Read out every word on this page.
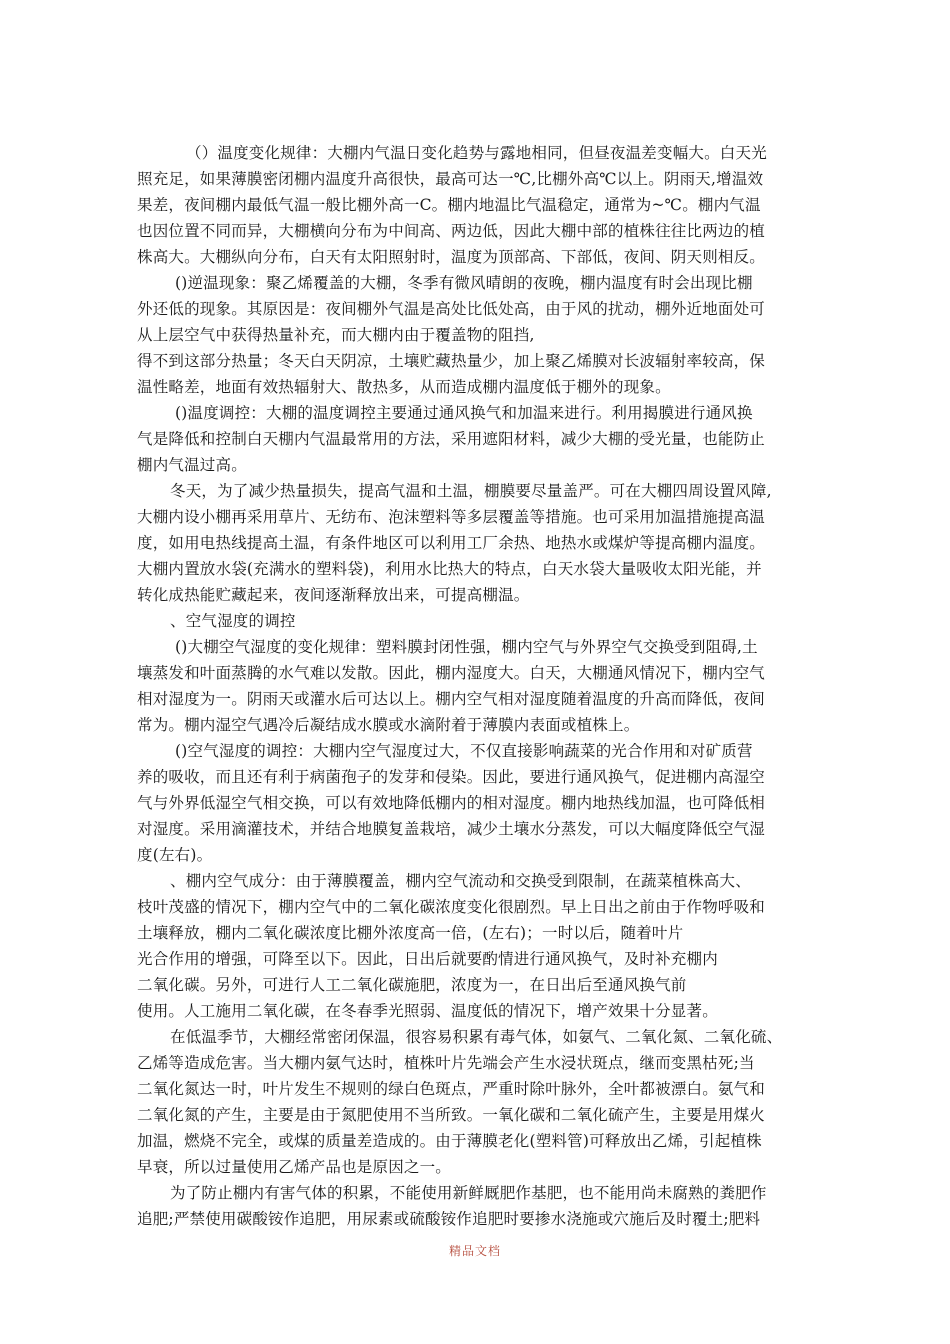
（）温度变化规律：大棚内气温日变化趋势与露地相同，但昼夜温差变幅大。白天光
照充足，如果薄膜密闭棚内温度升高很快，最高可达一℃,比棚外高℃以上。阴雨天,增温效
果差，夜间棚内最低气温一般比棚外高一C。棚内地温比气温稳定，通常为~℃。棚内气温
也因位置不同而异，大棚横向分布为中间高、两边低，因此大棚中部的植株往往比两边的植
株高大。大棚纵向分布，白天有太阳照射时，温度为顶部高、下部低，夜间、阴天则相反。
()逆温现象：聚乙烯覆盖的大棚，冬季有微风晴朗的夜晚，棚内温度有时会出现比棚
外还低的现象。其原因是：夜间棚外气温是高处比低处高，由于风的扰动，棚外近地面处可
从上层空气中获得热量补充，而大棚内由于覆盖物的阻挡,
得不到这部分热量；冬天白天阴凉，土壤贮藏热量少，加上聚乙烯膜对长波辐射率较高，保
温性略差，地面有效热辐射大、散热多，从而造成棚内温度低于棚外的现象。
()温度调控：大棚的温度调控主要通过通风换气和加温来进行。利用揭膜进行通风换
气是降低和控制白天棚内气温最常用的方法，采用遮阳材料，减少大棚的受光量，也能防止
棚内气温过高。
冬天，为了减少热量损失，提高气温和土温，棚膜要尽量盖严。可在大棚四周设置风障,
大棚内设小棚再采用草片、无纺布、泡沫塑料等多层覆盖等措施。也可采用加温措施提高温
度，如用电热线提高土温，有条件地区可以利用工厂余热、地热水或煤炉等提高棚内温度。
大棚内置放水袋(充满水的塑料袋)，利用水比热大的特点，白天水袋大量吸收太阳光能，并
转化成热能贮藏起来，夜间逐渐释放出来，可提高棚温。
、空气湿度的调控
()大棚空气湿度的变化规律：塑料膜封闭性强，棚内空气与外界空气交换受到阻碍,土
壤蒸发和叶面蒸腾的水气难以发散。因此，棚内湿度大。白天，大棚通风情况下，棚内空气
相对湿度为一。阴雨天或灌水后可达以上。棚内空气相对湿度随着温度的升高而降低，夜间
常为。棚内湿空气遇冷后凝结成水膜或水滴附着于薄膜内表面或植株上。
()空气湿度的调控：大棚内空气湿度过大，不仅直接影响蔬菜的光合作用和对矿质营
养的吸收，而且还有利于病菌孢子的发芽和侵染。因此，要进行通风换气，促进棚内高湿空
气与外界低湿空气相交换，可以有效地降低棚内的相对湿度。棚内地热线加温，也可降低相
对湿度。采用滴灌技术，并结合地膜复盖栽培，减少土壤水分蒸发，可以大幅度降低空气湿
度(左右)。
、棚内空气成分：由于薄膜覆盖，棚内空气流动和交换受到限制，在蔬菜植株高大、
枝叶茂盛的情况下，棚内空气中的二氧化碳浓度变化很剧烈。早上日出之前由于作物呼吸和
土壤释放，棚内二氧化碳浓度比棚外浓度高一倍，(左右)；一时以后，随着叶片
光合作用的增强，可降至以下。因此，日出后就要酌情进行通风换气，及时补充棚内
二氧化碳。另外，可进行人工二氧化碳施肥，浓度为一，在日出后至通风换气前
使用。人工施用二氧化碳，在冬春季光照弱、温度低的情况下，增产效果十分显著。
在低温季节，大棚经常密闭保温，很容易积累有毒气体，如氨气、二氧化氮、二氧化硫、
乙烯等造成危害。当大棚内氨气达时，植株叶片先端会产生水浸状斑点，继而变黑枯死;当
二氧化氮达一时，叶片发生不规则的绿白色斑点，严重时除叶脉外，全叶都被漂白。氨气和
二氧化氮的产生，主要是由于氮肥使用不当所致。一氧化碳和二氧化硫产生，主要是用煤火
加温，燃烧不完全，或煤的质量差造成的。由于薄膜老化(塑料管)可释放出乙烯，引起植株
早衰，所以过量使用乙烯产品也是原因之一。
为了防止棚内有害气体的积累，不能使用新鲜厩肥作基肥，也不能用尚未腐熟的粪肥作
追肥;严禁使用碳酸铵作追肥，用尿素或硫酸铵作追肥时要掺水浇施或穴施后及时覆土;肥料
精品文档
